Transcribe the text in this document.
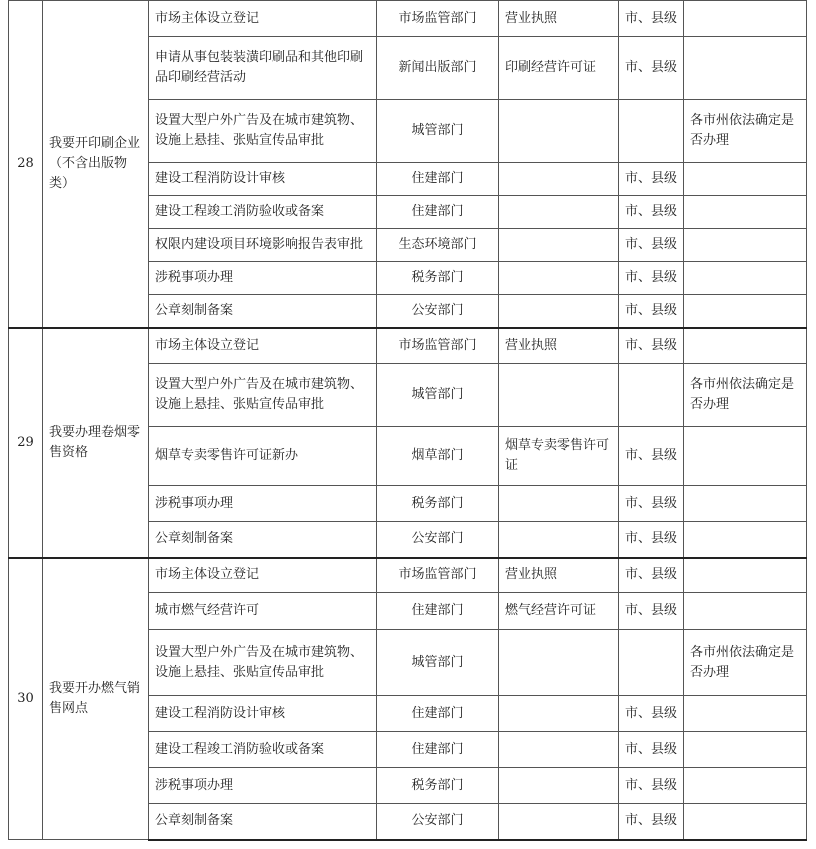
28	我要开印刷企业（不含出版物类）	市场主体设立登记	市场监管部门	营业执照	市、县级	
		申请从事包装装潢印刷品和其他印刷品印刷经营活动	新闻出版部门	印刷经营许可证	市、县级	
		设置大型户外广告及在城市建筑物、设施上悬挂、张贴宣传品审批	城管部门			各市州依法确定是否办理
		建设工程消防设计审核	住建部门		市、县级	
		建设工程竣工消防验收或备案	住建部门		市、县级	
		权限内建设项目环境影响报告表审批	生态环境部门		市、县级	
		涉税事项办理	税务部门		市、县级	
		公章刻制备案	公安部门		市、县级	
29	我要办理卷烟零售资格	市场主体设立登记	市场监管部门	营业执照	市、县级	
		设置大型户外广告及在城市建筑物、设施上悬挂、张贴宣传品审批	城管部门			各市州依法确定是否办理
		烟草专卖零售许可证新办	烟草部门	烟草专卖零售许可证	市、县级	
		涉税事项办理	税务部门		市、县级	
		公章刻制备案	公安部门		市、县级	
30	我要开办燃气销售网点	市场主体设立登记	市场监管部门	营业执照	市、县级	
		城市燃气经营许可	住建部门	燃气经营许可证	市、县级	
		设置大型户外广告及在城市建筑物、设施上悬挂、张贴宣传品审批	城管部门			各市州依法确定是否办理
		建设工程消防设计审核	住建部门		市、县级	
		建设工程竣工消防验收或备案	住建部门		市、县级	
		涉税事项办理	税务部门		市、县级	
		公章刻制备案	公安部门		市、县级	
